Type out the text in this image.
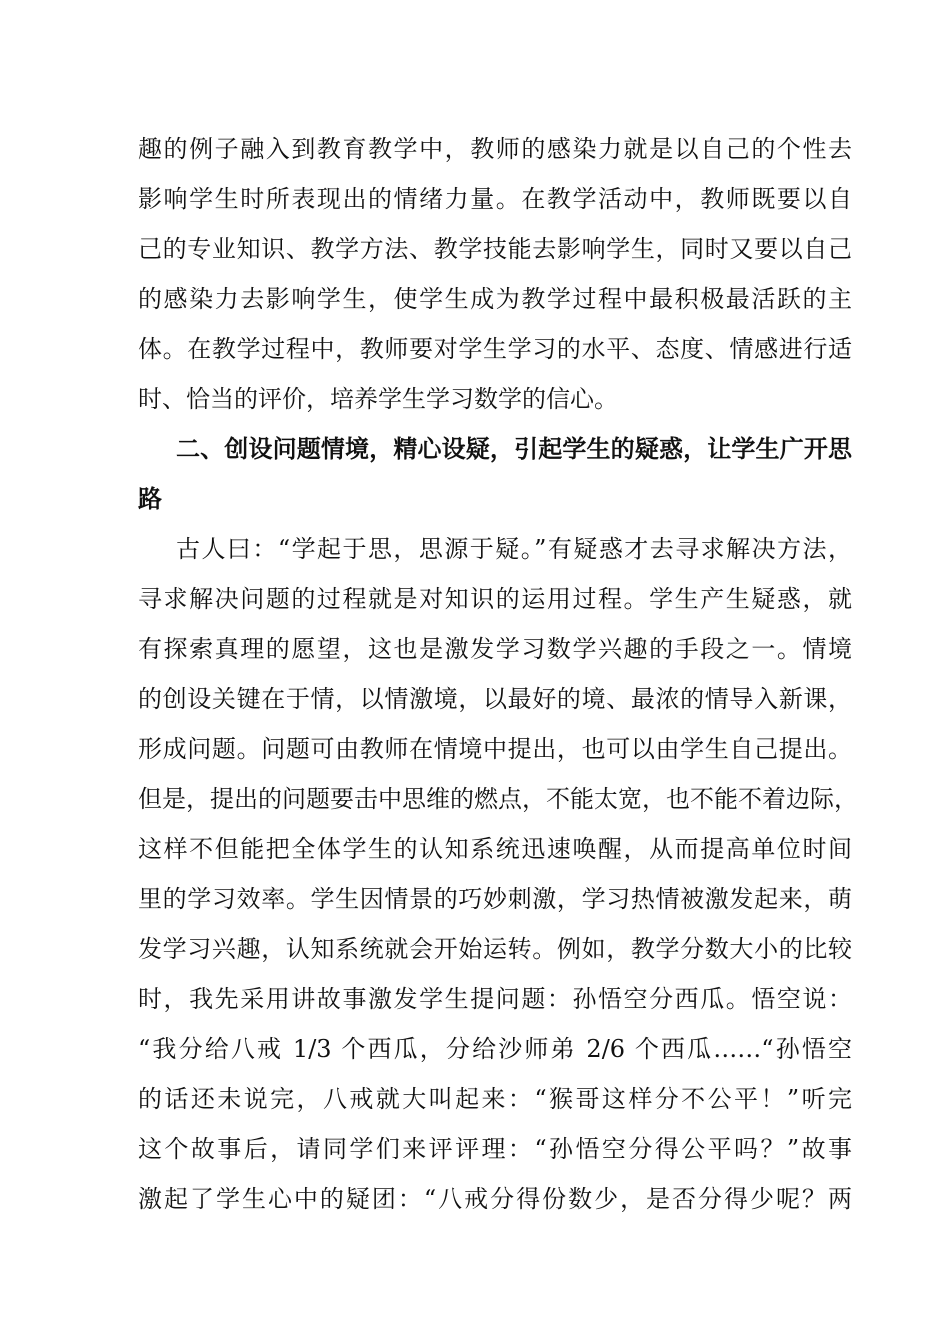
趣的例子融入到教育教学中，教师的感染力就是以自己的个性去
影响学生时所表现出的情绪力量。在教学活动中，教师既要以自
己的专业知识、教学方法、教学技能去影响学生，同时又要以自己
的感染力去影响学生，使学生成为教学过程中最积极最活跃的主
体。在教学过程中，教师要对学生学习的水平、态度、情感进行适
时、恰当的评价，培养学生学习数学的信心。
二、创设问题情境，精心设疑，引起学生的疑惑，让学生广开思
路
古人曰：“学起于思，思源于疑。”有疑惑才去寻求解决方法，
寻求解决问题的过程就是对知识的运用过程。学生产生疑惑，就
有探索真理的愿望，这也是激发学习数学兴趣的手段之一。情境
的创设关键在于情，以情激境，以最好的境、最浓的情导入新课，
形成问题。问题可由教师在情境中提出，也可以由学生自己提出。
但是，提出的问题要击中思维的燃点，不能太宽，也不能不着边际，
这样不但能把全体学生的认知系统迅速唤醒，从而提高单位时间
里的学习效率。学生因情景的巧妙刺激，学习热情被激发起来，萌
发学习兴趣，认知系统就会开始运转。例如，教学分数大小的比较
时，我先采用讲故事激发学生提问题：孙悟空分西瓜。悟空说：
“我分给八戒 1/3 个西瓜，分给沙师弟 2/6 个西瓜……“孙悟空
的话还未说完，八戒就大叫起来：“猴哥这样分不公平！”听完
这个故事后，请同学们来评评理：“孙悟空分得公平吗？”故事
激起了学生心中的疑团：“八戒分得份数少，是否分得少呢？两
